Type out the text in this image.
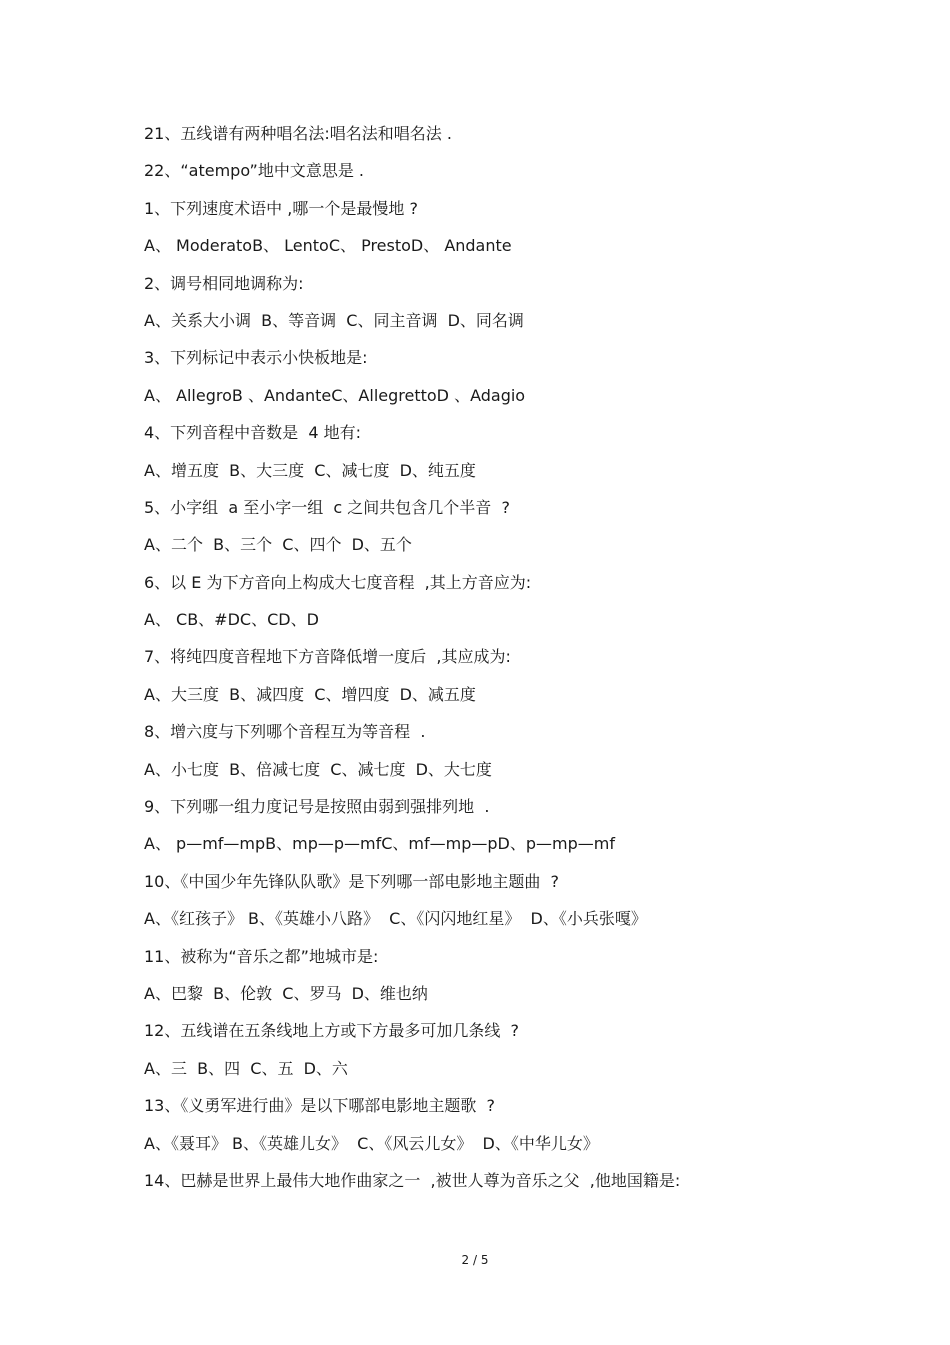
21、五线谱有两种唱名法:唱名法和唱名法 .
22、“atempo”地中文意思是 .
1、下列速度术语中 ,哪一个是最慢地 ?
A、 ModeratoB、 LentoC、 PrestoD、 Andante
2、调号相同地调称为:
A、关系大小调  B、等音调  C、同主音调  D、同名调
3、下列标记中表示小快板地是:
A、 AllegroB 、AndanteC、AllegrettoD 、Adagio
4、下列音程中音数是  4 地有:
A、增五度  B、大三度  C、减七度  D、纯五度
5、小字组  a 至小字一组  c 之间共包含几个半音  ?
A、二个  B、三个  C、四个  D、五个
6、以 E 为下方音向上构成大七度音程  ,其上方音应为:
A、 CB、#DC、CD、D
7、将纯四度音程地下方音降低增一度后  ,其应成为:
A、大三度  B、减四度  C、增四度  D、减五度
8、增六度与下列哪个音程互为等音程  .
A、小七度  B、倍减七度  C、减七度  D、大七度
9、下列哪一组力度记号是按照由弱到强排列地  .
A、 p—mf—mpB、mp—p—mfC、mf—mp—pD、p—mp—mf
10、《中国少年先锋队队歌》是下列哪一部电影地主题曲  ?
A、《红孩子》 B、《英雄小八路》  C、《闪闪地红星》  D、《小兵张嘎》
11、被称为“音乐之都”地城市是:
A、巴黎  B、伦敦  C、罗马  D、维也纳
12、五线谱在五条线地上方或下方最多可加几条线  ?
A、三  B、四  C、五  D、六
13、《义勇军进行曲》是以下哪部电影地主题歌  ?
A、《聂耳》 B、《英雄儿女》  C、《风云儿女》  D、《中华儿女》
14、巴赫是世界上最伟大地作曲家之一  ,被世人尊为音乐之父  ,他地国籍是:
2 / 5
